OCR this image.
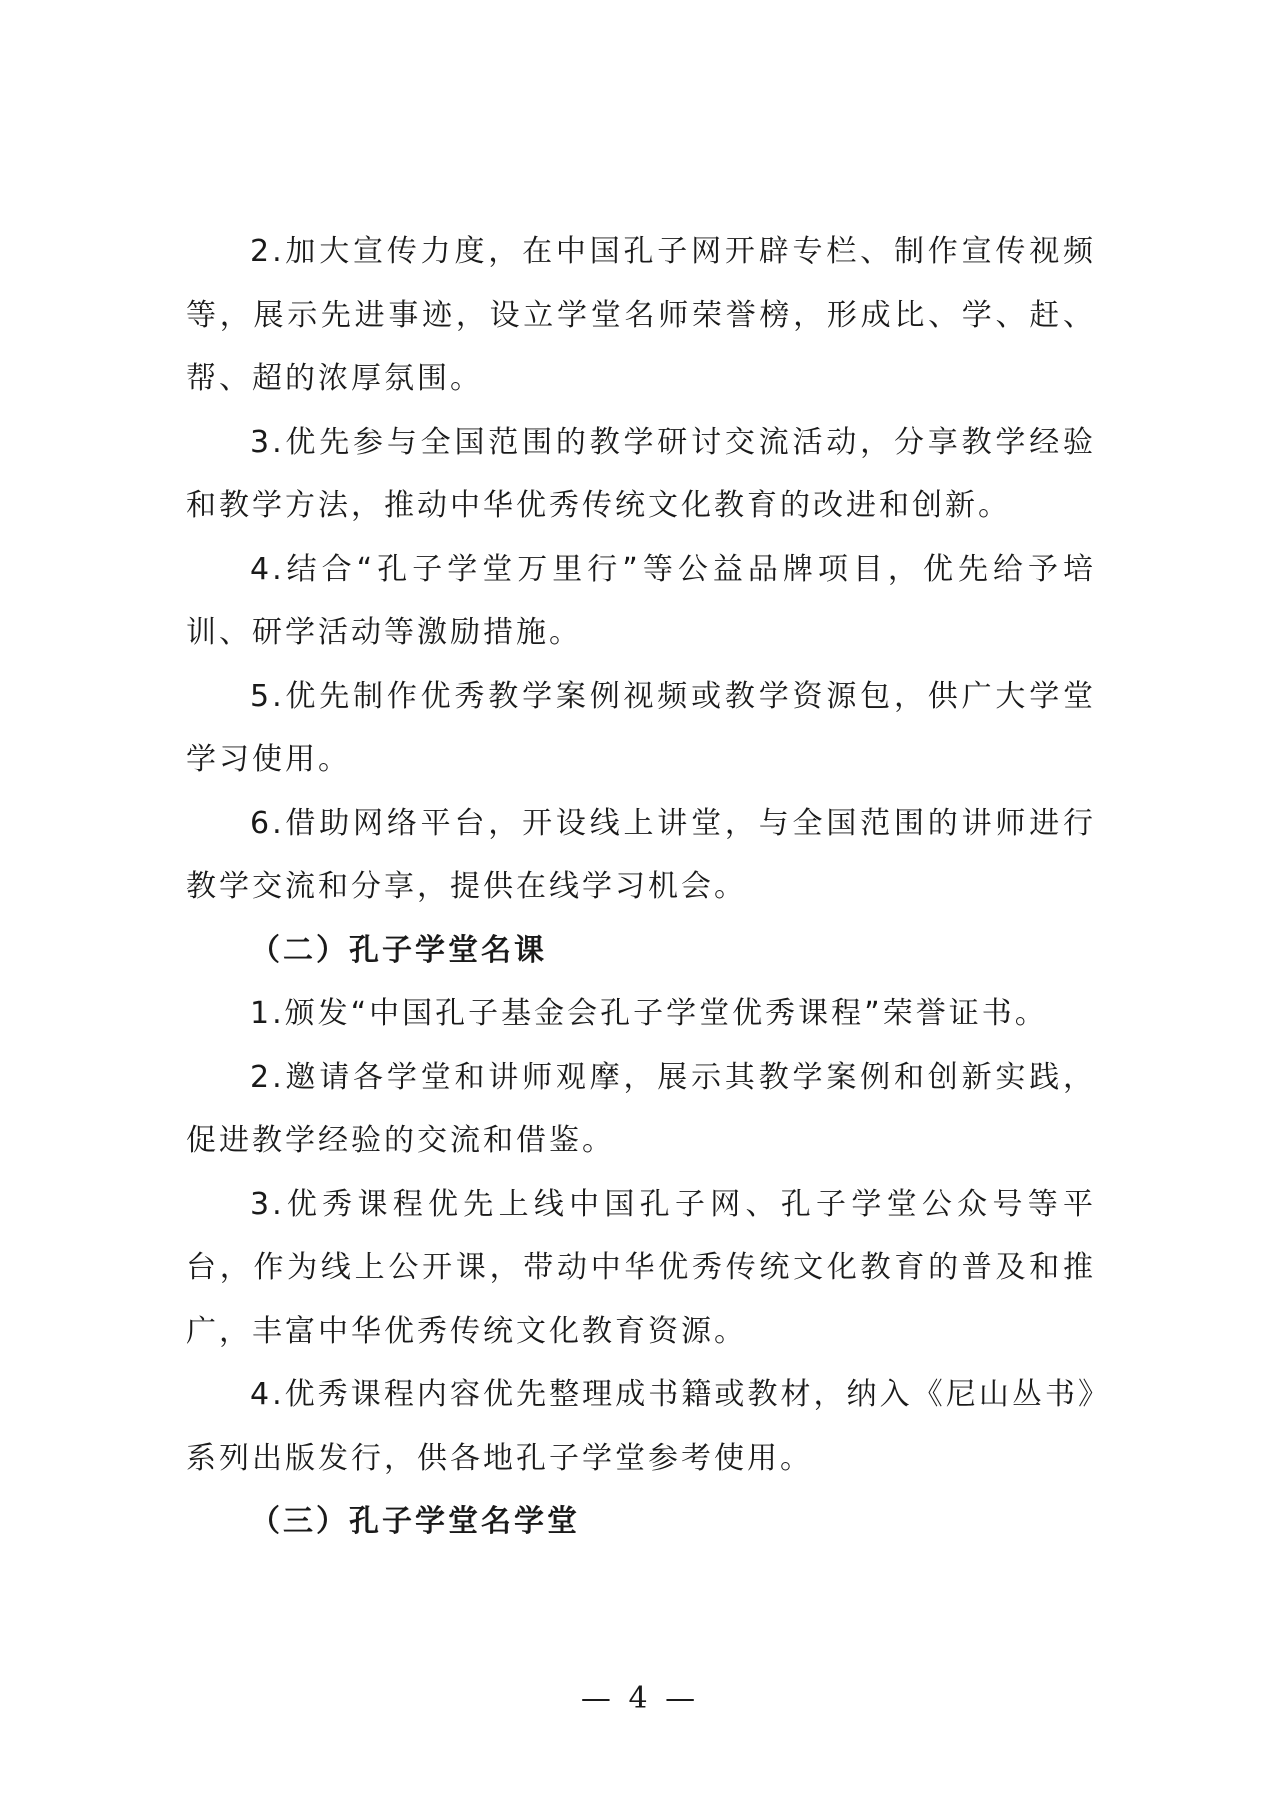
2.加大宣传力度，在中国孔子网开辟专栏、制作宣传视频等，展示先进事迹，设立学堂名师荣誉榜，形成比、学、赶、帮、超的浓厚氛围。

3.优先参与全国范围的教学研讨交流活动，分享教学经验和教学方法，推动中华优秀传统文化教育的改进和创新。

4.结合“孔子学堂万里行”等公益品牌项目，优先给予培训、研学活动等激励措施。

5.优先制作优秀教学案例视频或教学资源包，供广大学堂学习使用。

6.借助网络平台，开设线上讲堂，与全国范围的讲师进行教学交流和分享，提供在线学习机会。

（二）孔子学堂名课

1.颁发“中国孔子基金会孔子学堂优秀课程”荣誉证书。

2.邀请各学堂和讲师观摩，展示其教学案例和创新实践，促进教学经验的交流和借鉴。

3.优秀课程优先上线中国孔子网、孔子学堂公众号等平台，作为线上公开课，带动中华优秀传统文化教育的普及和推广，丰富中华优秀传统文化教育资源。

4.优秀课程内容优先整理成书籍或教材，纳入《尼山丛书》系列出版发行，供各地孔子学堂参考使用。

（三）孔子学堂名学堂

— 4 —
